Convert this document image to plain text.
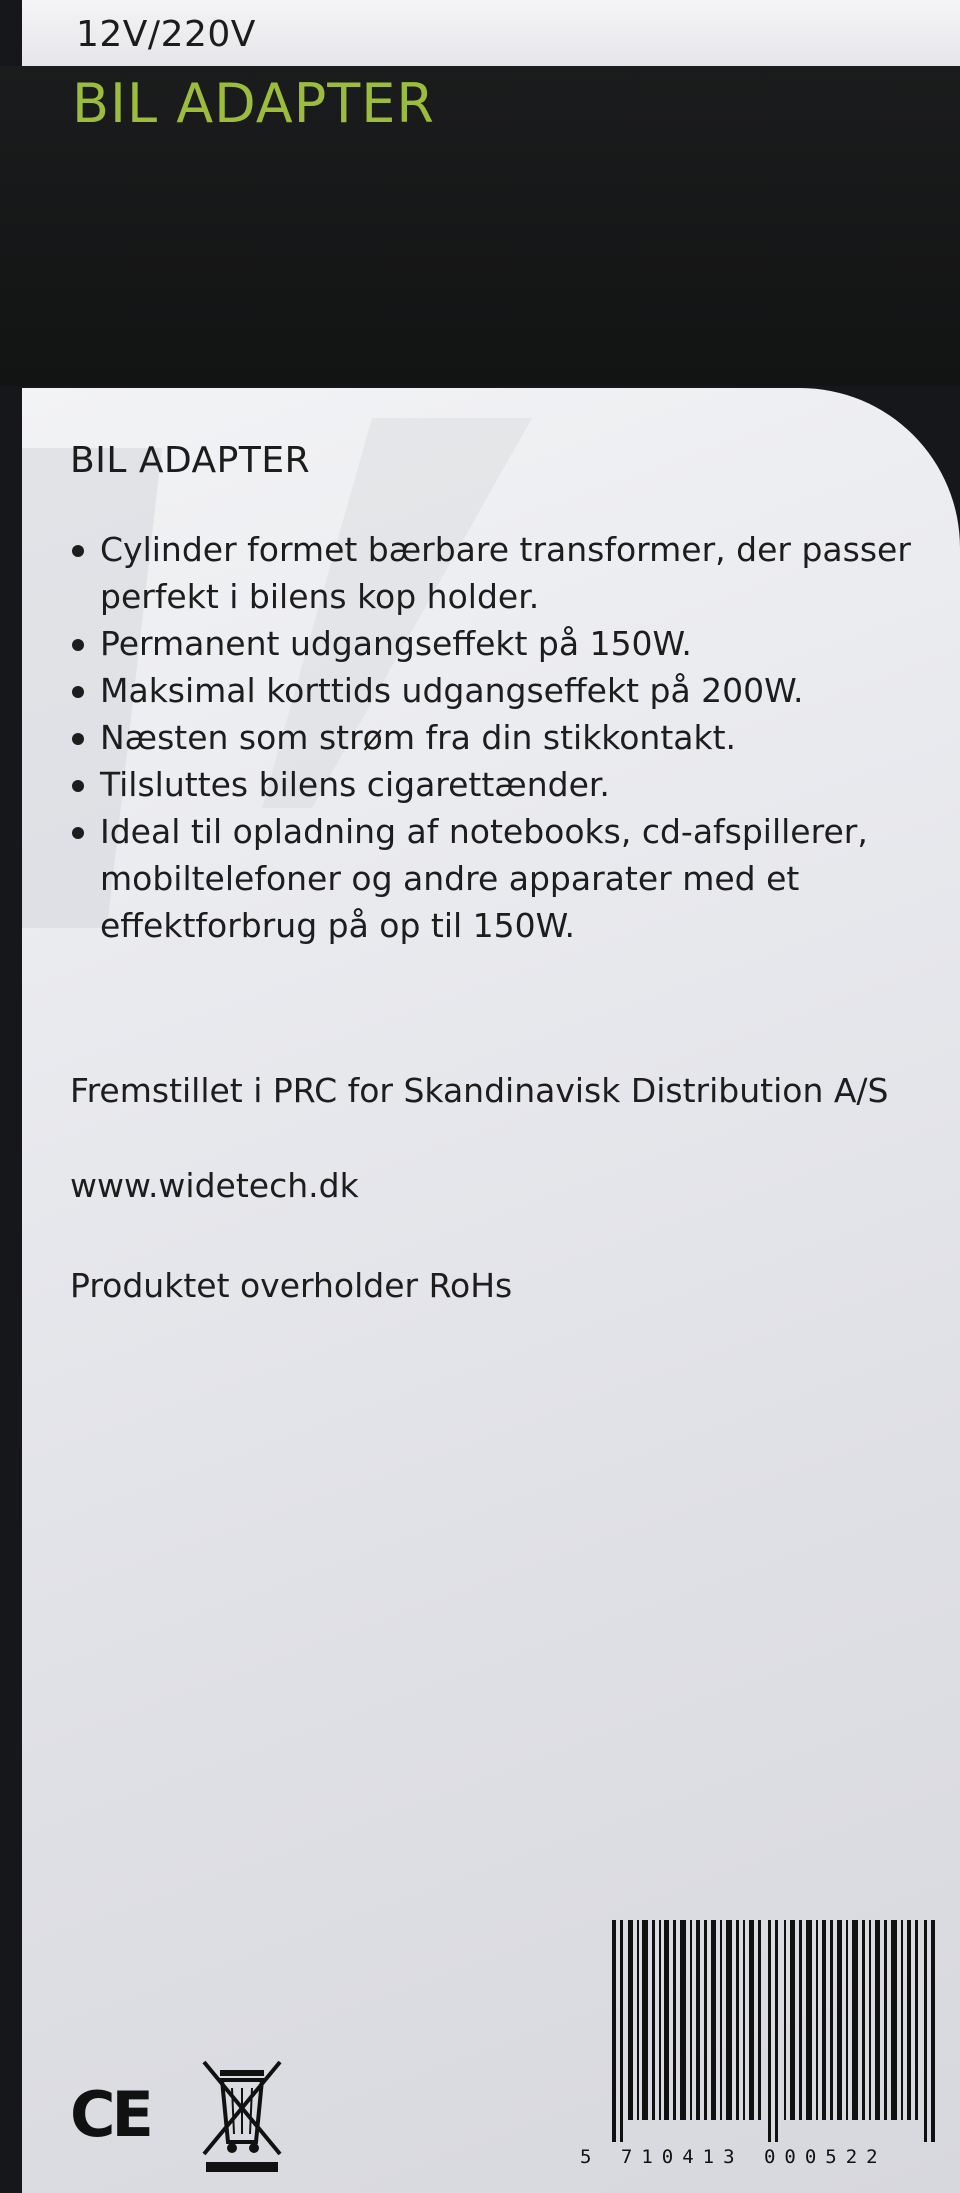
12V/220V
BIL ADAPTER
BIL ADAPTER
Cylinder formet bærbare transformer, der passer perfekt i bilens kop holder.
Permanent udgangseffekt på 150W.
Maksimal korttids udgangseffekt på 200W.
Næsten som strøm fra din stikkontakt.
Tilsluttes bilens cigarettænder.
Ideal til opladning af notebooks, cd-afspillerer, mobiltelefoner og andre apparater med et effektforbrug på op til 150W.
Fremstillet i PRC for Skandinavisk Distribution A/S
www.widetech.dk
Produktet overholder RoHs
CE
5 710413 000522
